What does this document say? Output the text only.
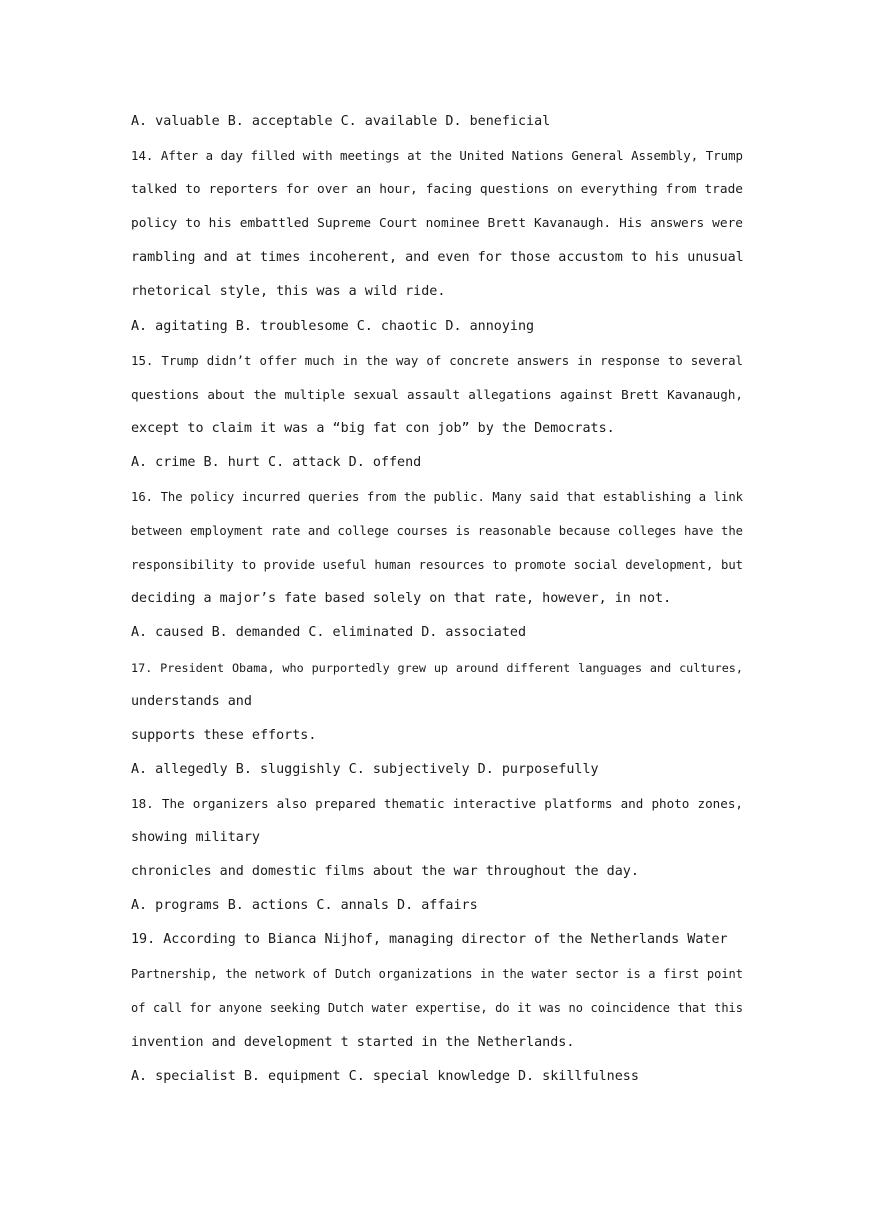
A. valuable B. acceptable C. available D. beneficial
14. After a day filled with meetings at the United Nations General Assembly, Trump
talked to reporters for over an hour, facing questions on everything from trade
policy to his embattled Supreme Court nominee Brett Kavanaugh. His answers were
rambling and at times incoherent, and even for those accustom to his unusual
rhetorical style, this was a wild ride.
A. agitating B. troublesome C. chaotic D. annoying
15. Trump didn’t offer much in the way of concrete answers in response to several
questions about the multiple sexual assault allegations against Brett Kavanaugh,
except to claim it was a “big fat con job” by the Democrats.
A. crime B. hurt C. attack D. offend
16. The policy incurred queries from the public. Many said that establishing a link
between employment rate and college courses is reasonable because colleges have the
responsibility to provide useful human resources to promote social development, but
deciding a major’s fate based solely on that rate, however, in not.
A. caused B. demanded C. eliminated D. associated
17. President Obama, who purportedly grew up around different languages and cultures,
understands and
supports these efforts.
A. allegedly B. sluggishly C. subjectively D. purposefully
18. The organizers also prepared thematic interactive platforms and photo zones,
showing military
chronicles and domestic films about the war throughout the day.
A. programs B. actions C. annals D. affairs
19. According to Bianca Nijhof, managing director of the Netherlands Water
Partnership, the network of Dutch organizations in the water sector is a first point
of call for anyone seeking Dutch water expertise, do it was no coincidence that this
invention and development t started in the Netherlands.
A. specialist B. equipment C. special knowledge D. skillfulness
